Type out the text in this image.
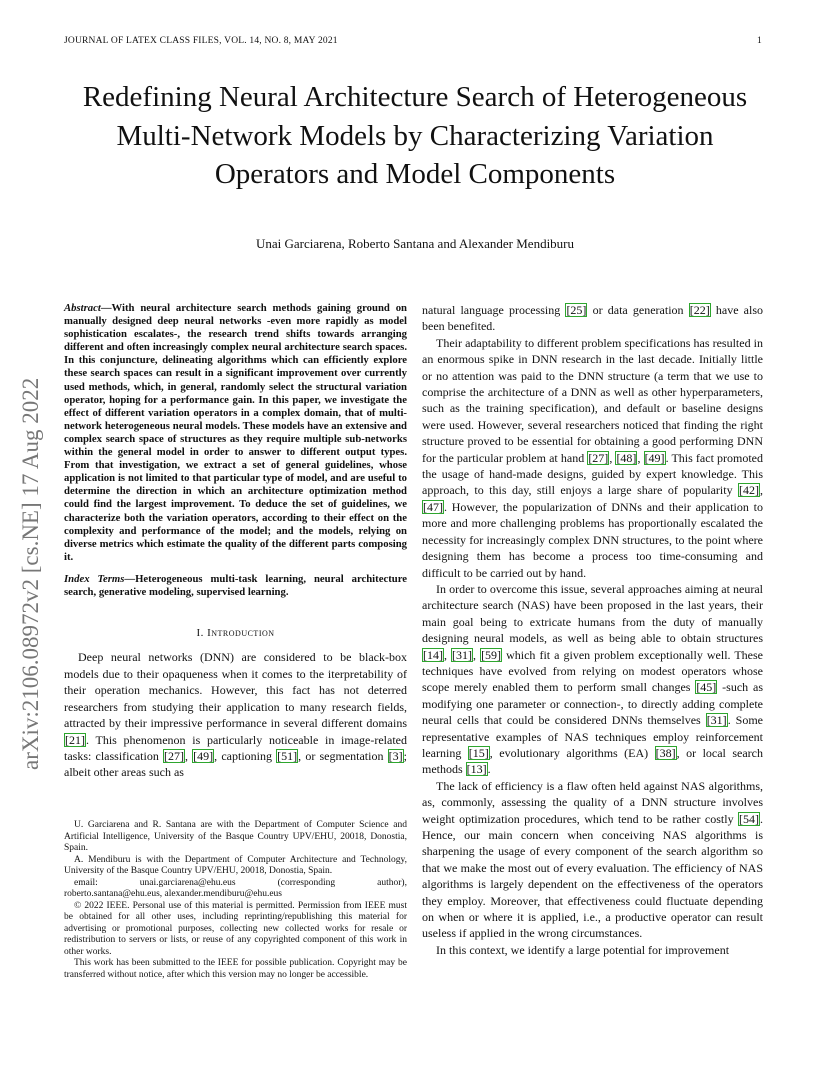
JOURNAL OF LATEX CLASS FILES, VOL. 14, NO. 8, MAY 2021	1
arXiv:2106.08972v2 [cs.NE] 17 Aug 2022
Redefining Neural Architecture Search of Heterogeneous Multi-Network Models by Characterizing Variation Operators and Model Components
Unai Garciarena, Roberto Santana and Alexander Mendiburu

Abstract—With neural architecture search methods gaining ground on manually designed deep neural networks -even more rapidly as model sophistication escalates-, the research trend shifts towards arranging different and often increasingly complex neural architecture search spaces. In this conjuncture, delineating algorithms which can efficiently explore these search spaces can result in a significant improvement over currently used methods, which, in general, randomly select the structural variation operator, hoping for a performance gain. In this paper, we investigate the effect of different variation operators in a complex domain, that of multi-network heterogeneous neural models. These models have an extensive and complex search space of structures as they require multiple sub-networks within the general model in order to answer to different output types. From that investigation, we extract a set of general guidelines, whose application is not limited to that particular type of model, and are useful to determine the direction in which an architecture optimization method could find the largest improvement. To deduce the set of guidelines, we characterize both the variation operators, according to their effect on the complexity and performance of the model; and the models, relying on diverse metrics which estimate the quality of the different parts composing it.

Index Terms—Heterogeneous multi-task learning, neural architecture search, generative modeling, supervised learning.

I. Introduction

Deep neural networks (DNN) are considered to be black-box models due to their opaqueness when it comes to the iterpretability of their operation mechanics. However, this fact has not deterred researchers from studying their application to many research fields, attracted by their impressive performance in several different domains [21]. This phenomenon is particularly noticeable in image-related tasks: classification [27], [49], captioning [51], or segmentation [3]; albeit other areas such as

U. Garciarena and R. Santana are with the Department of Computer Science and Artificial Intelligence, University of the Basque Country UPV/EHU, 20018, Donostia, Spain.

A. Mendiburu is with the Department of Computer Architecture and Technology, University of the Basque Country UPV/EHU, 20018, Donostia, Spain.

email:	unai.garciarena@ehu.eus	(corresponding	author),
roberto.santana@ehu.eus, alexander.mendiburu@ehu.eus

© 2022 IEEE. Personal use of this material is permitted. Permission from IEEE must be obtained for all other uses, including reprinting/republishing this material for advertising or promotional purposes, collecting new collected works for resale or redistribution to servers or lists, or reuse of any copyrighted component of this work in other works.

This work has been submitted to the IEEE for possible publication. Copyright may be transferred without notice, after which this version may no longer be accessible.

natural language processing [25] or data generation [22] have also been benefited.

Their adaptability to different problem specifications has resulted in an enormous spike in DNN research in the last decade. Initially little or no attention was paid to the DNN structure (a term that we use to comprise the architecture of a DNN as well as other hyperparameters, such as the training specification), and default or baseline designs were used. However, several researchers noticed that finding the right structure proved to be essential for obtaining a good performing DNN for the particular problem at hand [27], [48], [49]. This fact promoted the usage of hand-made designs, guided by expert knowledge. This approach, to this day, still enjoys a large share of popularity [42], [47]. However, the popularization of DNNs and their application to more and more challenging problems has proportionally escalated the necessity for increasingly complex DNN structures, to the point where designing them has become a process too time-consuming and difficult to be carried out by hand.

In order to overcome this issue, several approaches aiming at neural architecture search (NAS) have been proposed in the last years, their main goal being to extricate humans from the duty of manually designing neural models, as well as being able to obtain structures [14], [31], [59] which fit a given problem exceptionally well. These techniques have evolved from relying on modest operators whose scope merely enabled them to perform small changes [45] -such as modifying one parameter or connection-, to directly adding complete neural cells that could be considered DNNs themselves [31]. Some representative examples of NAS techniques employ reinforcement learning [15], evolutionary algorithms (EA) [38], or local search methods [13].

The lack of efficiency is a flaw often held against NAS algorithms, as, commonly, assessing the quality of a DNN structure involves weight optimization procedures, which tend to be rather costly [54]. Hence, our main concern when conceiving NAS algorithms is sharpening the usage of every component of the search algorithm so that we make the most out of every evaluation. The efficiency of NAS algorithms is largely dependent on the effectiveness of the operators they employ. Moreover, that effectiveness could fluctuate depending on when or where it is applied, i.e., a productive operator can result useless if applied in the wrong circumstances.

In this context, we identify a large potential for improvement
